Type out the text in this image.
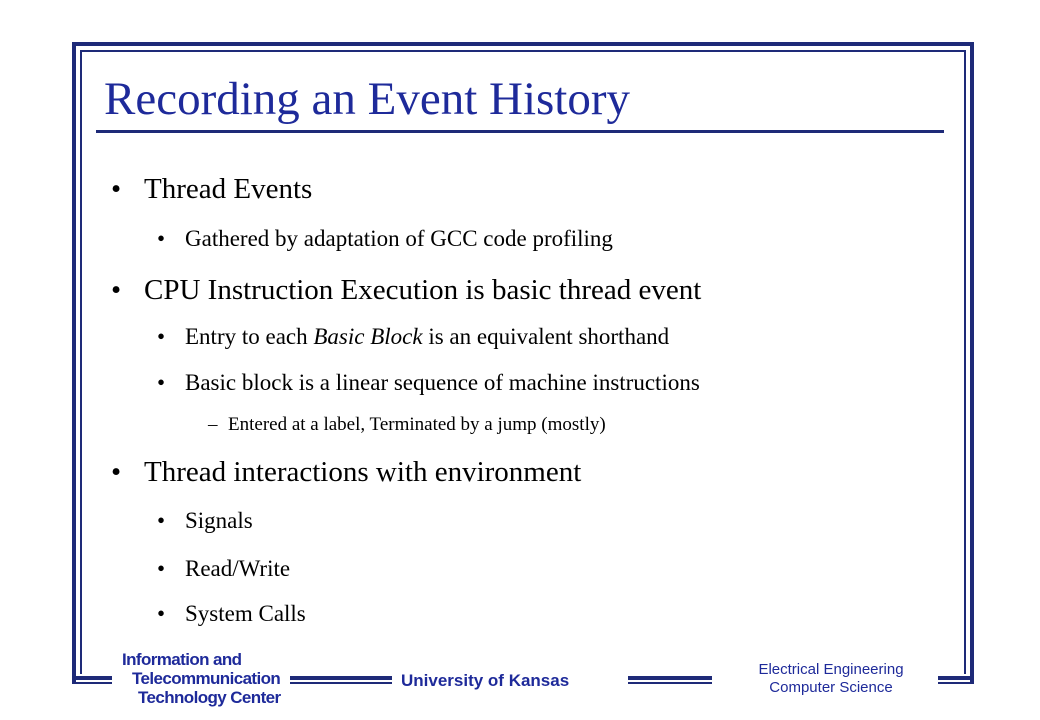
Recording an Event History
• Thread Events
• Gathered by adaptation of GCC code profiling
• CPU Instruction Execution is basic thread event
• Entry to each Basic Block is an equivalent shorthand
• Basic block is a linear sequence of machine instructions
– Entered at a label, Terminated by a jump (mostly)
• Thread interactions with environment
• Signals
• Read/Write
• System Calls
Information and
Telecommunication
Technology Center
University of Kansas
Electrical Engineering
Computer Science
